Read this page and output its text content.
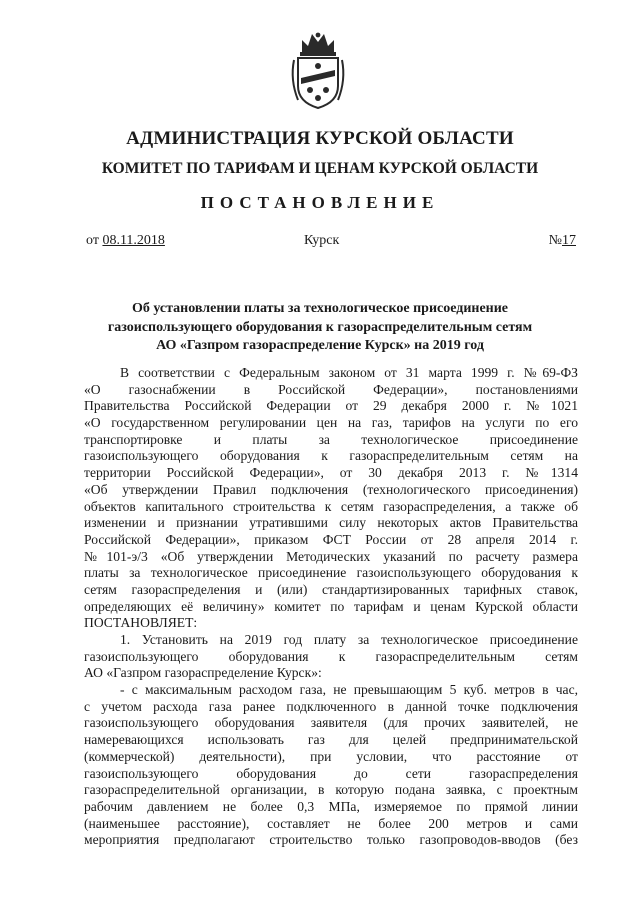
АДМИНИСТРАЦИЯ КУРСКОЙ ОБЛАСТИ
КОМИТЕТ ПО ТАРИФАМ И ЦЕНАМ КУРСКОЙ ОБЛАСТИ
ПОСТАНОВЛЕНИЕ
от 08.11.2018	Курск	№17
Об установлении платы за технологическое присоединение
газоиспользующего оборудования к газораспределительным сетям
АО «Газпром газораспределение Курск» на 2019 год
В соответствии с Федеральным законом от 31 марта 1999 г. №69-ФЗ
«О газоснабжении в Российской Федерации», постановлениями
Правительства Российской Федерации от 29 декабря 2000 г. №1021
«О государственном регулировании цен на газ, тарифов на услуги по его
транспортировке и платы за технологическое присоединение
газоиспользующего оборудования к газораспределительным сетям на
территории Российской Федерации», от 30 декабря 2013 г. №1314
«Об утверждении Правил подключения (технологического присоединения)
объектов капитального строительства к сетям газораспределения, а также об
изменении и признании утратившими силу некоторых актов Правительства
Российской Федерации», приказом ФСТ России от 28 апреля 2014 г.
№101-э/3 «Об утверждении Методических указаний по расчету размера
платы за технологическое присоединение газоиспользующего оборудования к
сетям газораспределения и (или) стандартизированных тарифных ставок,
определяющих её величину» комитет по тарифам и ценам Курской области
ПОСТАНОВЛЯЕТ:
1. Установить на 2019 год плату за технологическое присоединение
газоиспользующего оборудования к газораспределительным сетям
АО «Газпром газораспределение Курск»:
- с максимальным расходом газа, не превышающим 5 куб. метров в час,
с учетом расхода газа ранее подключенного в данной точке подключения
газоиспользующего оборудования заявителя (для прочих заявителей, не
намеревающихся использовать газ для целей предпринимательской
(коммерческой) деятельности), при условии, что расстояние от
газоиспользующего оборудования до сети газораспределения
газораспределительной организации, в которую подана заявка, с проектным
рабочим давлением не более 0,3 МПа, измеряемое по прямой линии
(наименьшее расстояние), составляет не более 200 метров и сами
мероприятия предполагают строительство только газопроводов-вводов (без
